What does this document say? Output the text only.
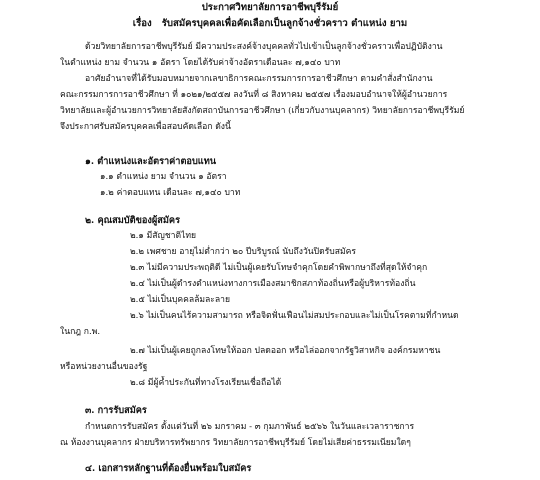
ประกาศวิทยาลัยการอาชีพบุรีรัมย์
เรื่อง รับสมัครบุคคลเพื่อคัดเลือกเป็นลูกจ้างชั่วคราว ตำแหน่ง ยาม
ด้วยวิทยาลัยการอาชีพบุรีรัมย์ มีความประสงค์จ้างบุคคลทั่วไปเข้าเป็นลูกจ้างชั่วคราวเพื่อปฏิบัติงาน
ในตำแหน่ง ยาม จำนวน ๑ อัตรา โดยได้รับค่าจ้างอัตราเดือนละ ๗,๑๔๐ บาท
อาศัยอำนาจที่ได้รับมอบหมายจากเลขาธิการคณะกรรมการการอาชีวศึกษา ตามคำสั่งสำนักงาน
คณะกรรมการการอาชีวศึกษา ที่ ๑๐๒๑/๒๕๕๗ ลงวันที่ ๘ สิงหาคม ๒๕๕๗ เรื่องมอบอำนาจให้ผู้อำนวยการ
วิทยาลัยและผู้อำนวยการวิทยาลัยสังกัดสถาบันการอาชีวศึกษา (เกี่ยวกับงานบุคลากร) วิทยาลัยการอาชีพบุรีรัมย์
จึงประกาศรับสมัครบุคคลเพื่อสอบคัดเลือก ดังนี้
๑. ตำแหน่งและอัตราค่าตอบแทน
๑.๑ ตำแหน่ง ยาม จำนวน ๑ อัตรา
๑.๒ ค่าตอบแทน เดือนละ ๗,๑๔๐ บาท
๒. คุณสมบัติของผู้สมัคร
๒.๑ มีสัญชาติไทย
๒.๒ เพศชาย อายุไม่ต่ำกว่า ๒๐ ปีบริบูรณ์ นับถึงวันปิดรับสมัคร
๒.๓ ไม่มีความประพฤติดี ไม่เป็นผู้เคยรับโทษจำคุกโดยคำพิพากษาถึงที่สุดให้จำคุก
๒.๔ ไม่เป็นผู้ดำรงตำแหน่งทางการเมืองสมาชิกสภาท้องถิ่นหรือผู้บริหารท้องถิ่น
๒.๕ ไม่เป็นบุคคลล้มละลาย
๒.๖ ไม่เป็นคนไร้ความสามารถ หรือจิตฟั่นเฟือนไม่สมประกอบและไม่เป็นโรคตามที่กำหนด
ในกฎ ก.พ.
๒.๗ ไม่เป็นผู้เคยถูกลงโทษให้ออก ปลดออก หรือไล่ออกจากรัฐวิสาหกิจ องค์กรมหาชน
หรือหน่วยงานอื่นของรัฐ
๒.๘ มีผู้ค้ำประกันที่ทางโรงเรียนเชื่อถือได้
๓. การรับสมัคร
กำหนดการรับสมัคร ตั้งแต่วันที่ ๒๖ มกราคม - ๓ กุมภาพันธ์ ๒๕๖๖ ในวันและเวลาราชการ
ณ ห้องงานบุคลากร ฝ่ายบริหารทรัพยากร วิทยาลัยการอาชีพบุรีรัมย์ โดยไม่เสียค่าธรรมเนียมใดๆ
๔. เอกสารหลักฐานที่ต้องยื่นพร้อมใบสมัคร
